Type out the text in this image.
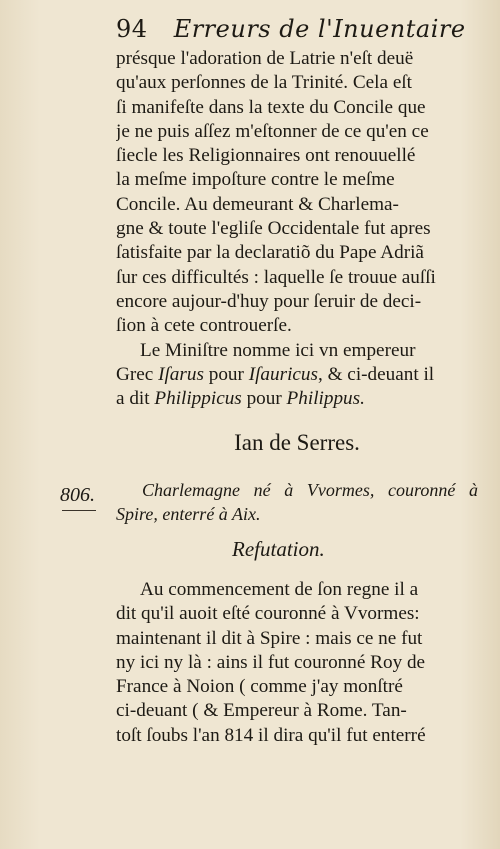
94 Erreurs de l'Inuentaire
présque l'adoration de Latrie n'eſt deuë
qu'aux perſonnes de la Trinité. Cela eſt
ſi manifeſte dans la texte du Concile que
je ne puis aſſez m'eſtonner de ce qu'en ce
ſiecle les Religionnaires ont renouuellé
la meſme impoſture contre le meſme
Concile. Au demeurant & Charlema-
gne & toute l'egliſe Occidentale fut apres
ſatisfaite par la declaratiõ du Pape Adriã
ſur ces difficultés : laquelle ſe trouue auſſi
encore aujour-d'huy pour ſeruir de deci-
ſion à cete controuerſe.
Le Miniſtre nomme ici vn empereur
Grec Iſarus pour Iſauricus, & ci-deuant il
a dit Philippicus pour Philippus.
Ian de Serres.
806.	Charlemagne né à Vvormes, couronné à
Spire, enterré à Aix.
Refutation.
Au commencement de ſon regne il a
dit qu'il auoit eſté couronné à Vvormes:
maintenant il dit à Spire : mais ce ne fut
ny ici ny là : ains il fut couronné Roy de
France à Noion ( comme j'ay monſtré
ci-deuant ( & Empereur à Rome. Tan-
toſt ſoubs l'an 814 il dira qu'il fut enterré
